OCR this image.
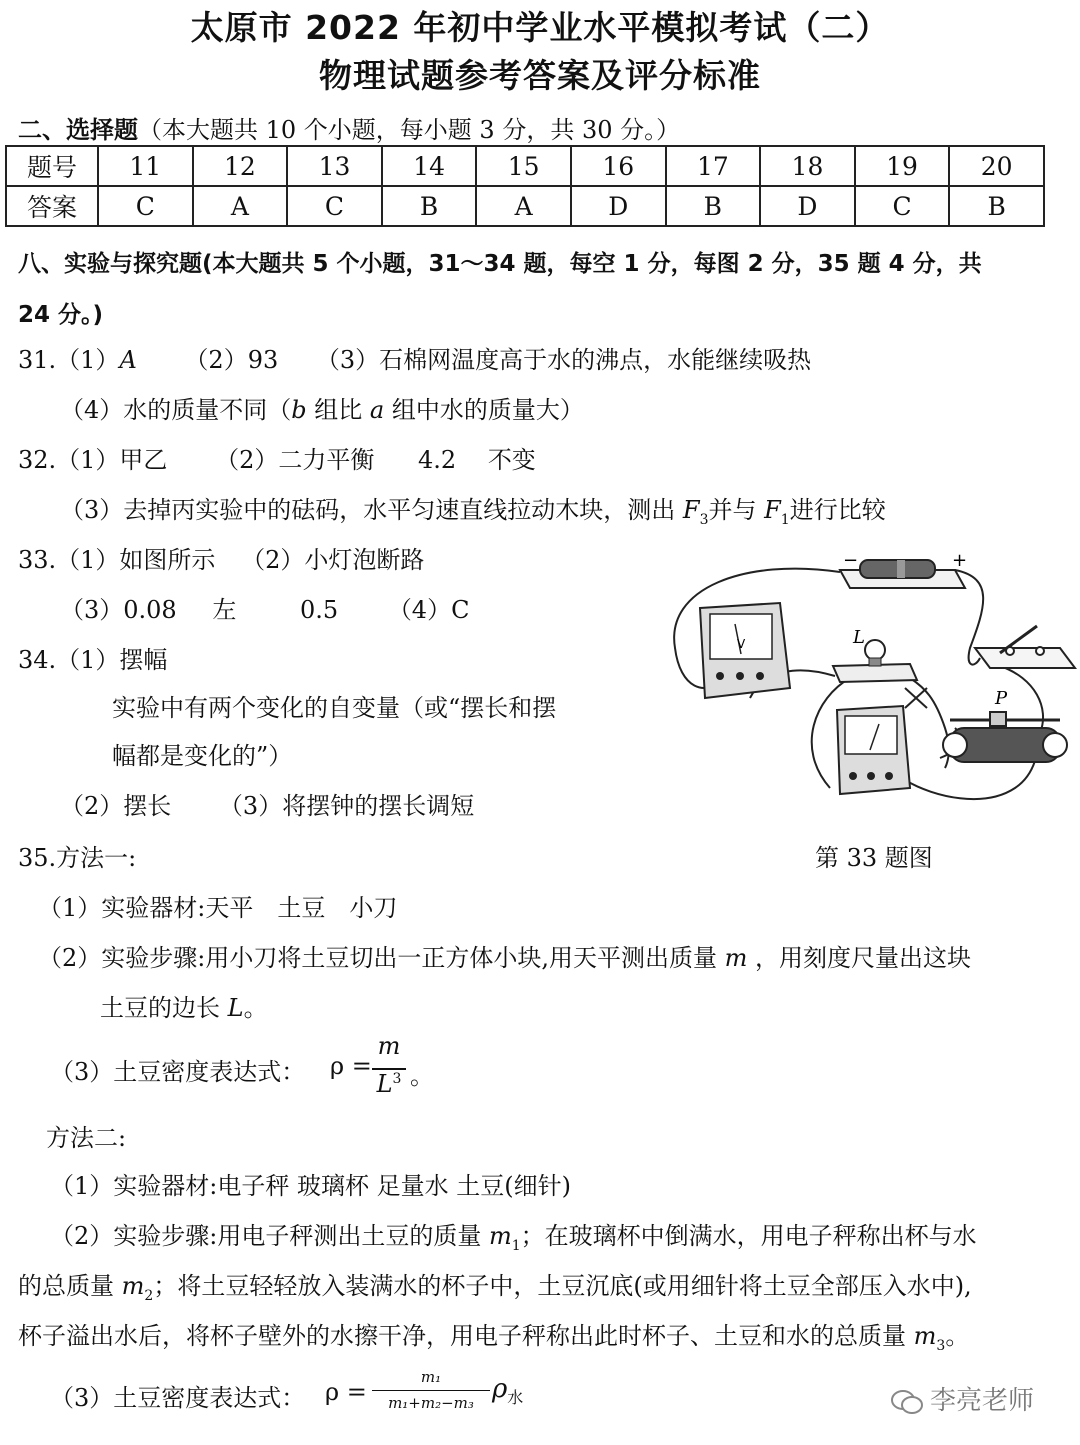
太原市 2022 年初中学业水平模拟考试（二）
物理试题参考答案及评分标准
二、选择题（本大题共 10 个小题，每小题 3 分，共 30 分。）
题号	11	12	13	14	15	16	17	18	19	20
答案	C	A	C	B	A	D	B	D	C	B
八、实验与探究题(本大题共 5 个小题，31～34 题，每空 1 分，每图 2 分，35 题 4 分，共
24 分。)
31.（1）A （2）93 （3）石棉网温度高于水的沸点，水能继续吸热
（4）水的质量不同（b 组比 a 组中水的质量大）
32.（1）甲乙 （2）二力平衡 4.2 不变
（3）去掉丙实验中的砝码，水平匀速直线拉动木块，测出 $F_3$并与 $F_1$进行比较
33.（1）如图所示 （2）小灯泡断路
（3）0.08 左	0.5 （4）C
34.（1）摆幅
实验中有两个变化的自变量（或“摆长和摆
幅都是变化的”）
（2）摆长 （3）将摆钟的摆长调短
−	+
V	L
P
第 33 题图
35.方法一:
（1）实验器材:天平　土豆　小刀
（2）实验步骤:用小刀将土豆切出一正方体小块,用天平测出质量 m ，用刻度尺量出这块
土豆的边长 L。
（3）土豆密度表达式： ρ =
m
$L^3$ 。
方法二:
（1）实验器材:电子秤 玻璃杯 足量水 土豆(细针)
（2）实验步骤:用电子秤测出土豆的质量 $m_1$；在玻璃杯中倒满水，用电子秤称出杯与水
的总质量 $m_2$；将土豆轻轻放入装满水的杯子中，土豆沉底(或用细针将土豆全部压入水中),
杯子溢出水后，将杯子壁外的水擦干净，用电子秤称出此时杯子、土豆和水的总质量 $m_3$。
（3）土豆密度表达式： ρ =
m₁
m₁+m₂−m₃ $\rho_水$	李亮老师
